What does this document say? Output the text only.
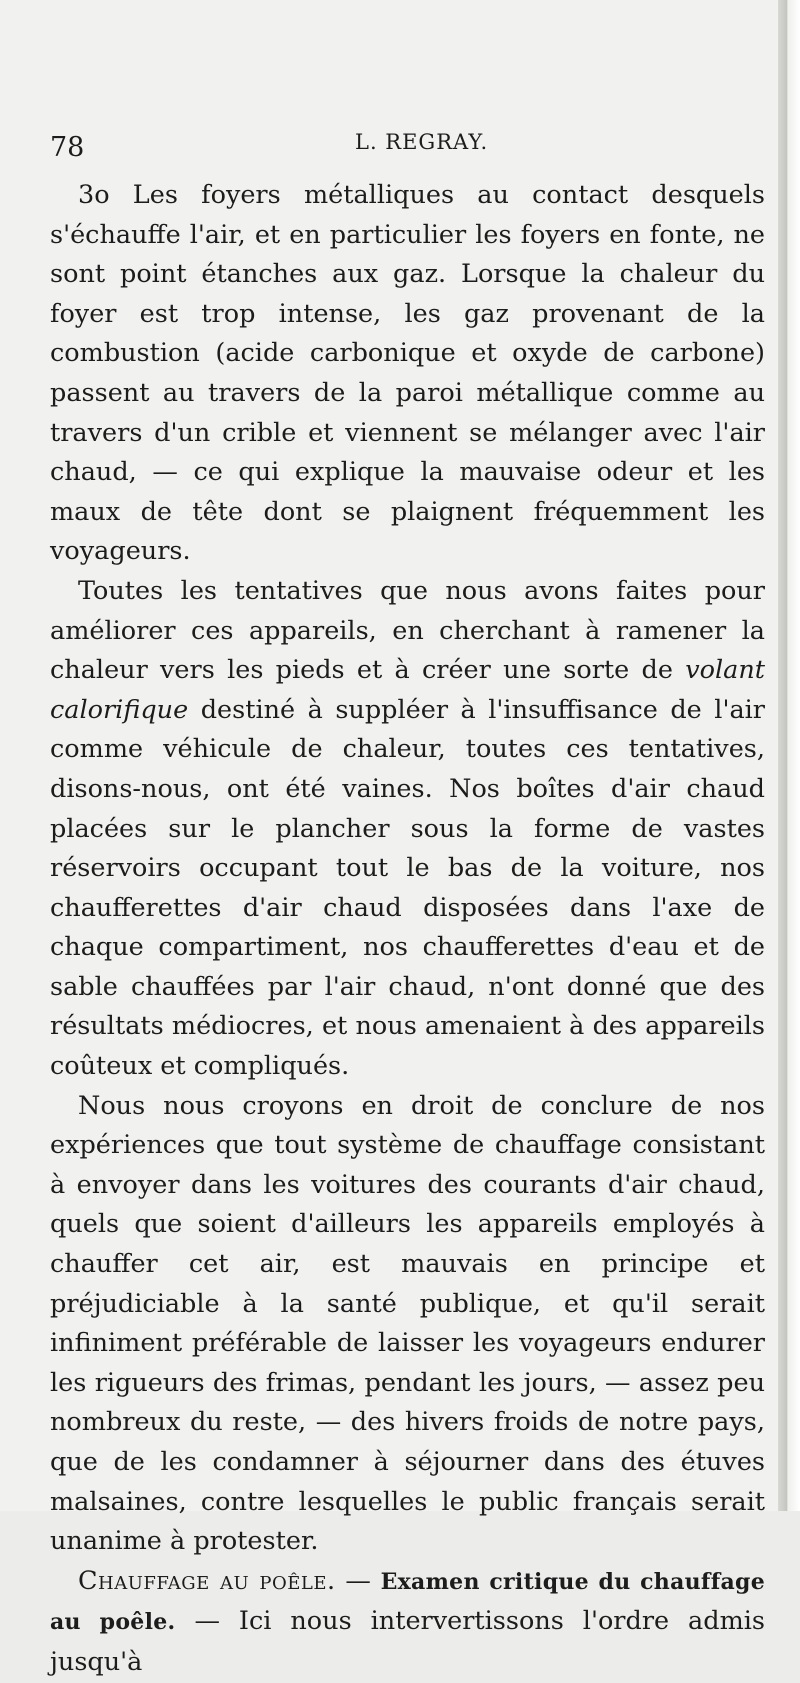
78	L. REGRAY.

3o Les foyers métalliques au contact desquels s'échauffe l'air, et en particulier les foyers en fonte, ne sont point étanches aux gaz. Lorsque la chaleur du foyer est trop intense, les gaz provenant de la combustion (acide carbonique et oxyde de carbone) passent au travers de la paroi métallique comme au travers d'un crible et viennent se mélanger avec l'air chaud, — ce qui explique la mauvaise odeur et les maux de tête dont se plaignent fréquemment les voyageurs.

Toutes les tentatives que nous avons faites pour améliorer ces appareils, en cherchant à ramener la chaleur vers les pieds et à créer une sorte de volant calorifique destiné à suppléer à l'insuffisance de l'air comme véhicule de chaleur, toutes ces tentatives, disons-nous, ont été vaines. Nos boîtes d'air chaud placées sur le plancher sous la forme de vastes réservoirs occupant tout le bas de la voiture, nos chaufferettes d'air chaud disposées dans l'axe de chaque compartiment, nos chaufferettes d'eau et de sable chauffées par l'air chaud, n'ont donné que des résultats médiocres, et nous amenaient à des appareils coûteux et compliqués.

Nous nous croyons en droit de conclure de nos expériences que tout système de chauffage consistant à envoyer dans les voitures des courants d'air chaud, quels que soient d'ailleurs les appareils employés à chauffer cet air, est mauvais en principe et préjudiciable à la santé publique, et qu'il serait infiniment préférable de laisser les voyageurs endurer les rigueurs des frimas, pendant les jours, — assez peu nombreux du reste, — des hivers froids de notre pays, que de les condamner à séjourner dans des étuves malsaines, contre lesquelles le public français serait unanime à protester.

Chauffage au poêle. — Examen critique du chauffage au poêle. — Ici nous intervertissons l'ordre admis jusqu'à
